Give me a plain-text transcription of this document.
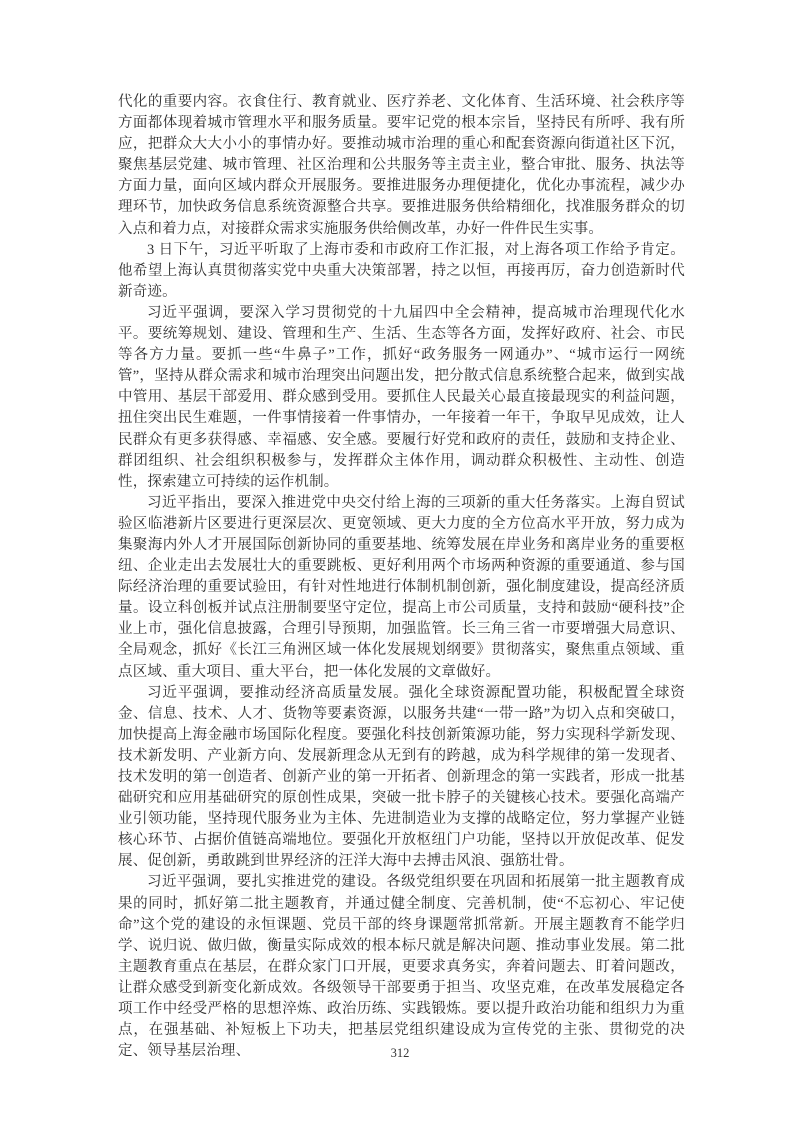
代化的重要内容。衣食住行、教育就业、医疗养老、文化体育、生活环境、社会秩序等方面都体现着城市管理水平和服务质量。要牢记党的根本宗旨，坚持民有所呼、我有所应，把群众大大小小的事情办好。要推动城市治理的重心和配套资源向街道社区下沉，聚焦基层党建、城市管理、社区治理和公共服务等主责主业，整合审批、服务、执法等方面力量，面向区域内群众开展服务。要推进服务办理便捷化，优化办事流程，减少办理环节，加快政务信息系统资源整合共享。要推进服务供给精细化，找准服务群众的切入点和着力点，对接群众需求实施服务供给侧改革，办好一件件民生实事。

3 日下午，习近平听取了上海市委和市政府工作汇报，对上海各项工作给予肯定。他希望上海认真贯彻落实党中央重大决策部署，持之以恒，再接再厉，奋力创造新时代新奇迹。

习近平强调，要深入学习贯彻党的十九届四中全会精神，提高城市治理现代化水平。要统筹规划、建设、管理和生产、生活、生态等各方面，发挥好政府、社会、市民等各方力量。要抓一些“牛鼻子”工作，抓好“政务服务一网通办”、“城市运行一网统管”，坚持从群众需求和城市治理突出问题出发，把分散式信息系统整合起来，做到实战中管用、基层干部爱用、群众感到受用。要抓住人民最关心最直接最现实的利益问题，扭住突出民生难题，一件事情接着一件事情办，一年接着一年干，争取早见成效，让人民群众有更多获得感、幸福感、安全感。要履行好党和政府的责任，鼓励和支持企业、群团组织、社会组织积极参与，发挥群众主体作用，调动群众积极性、主动性、创造性，探索建立可持续的运作机制。

习近平指出，要深入推进党中央交付给上海的三项新的重大任务落实。上海自贸试验区临港新片区要进行更深层次、更宽领域、更大力度的全方位高水平开放，努力成为集聚海内外人才开展国际创新协同的重要基地、统筹发展在岸业务和离岸业务的重要枢纽、企业走出去发展壮大的重要跳板、更好利用两个市场两种资源的重要通道、参与国际经济治理的重要试验田，有针对性地进行体制机制创新，强化制度建设，提高经济质量。设立科创板并试点注册制要坚守定位，提高上市公司质量，支持和鼓励“硬科技”企业上市，强化信息披露，合理引导预期，加强监管。长三角三省一市要增强大局意识、全局观念，抓好《长江三角洲区域一体化发展规划纲要》贯彻落实，聚焦重点领域、重点区域、重大项目、重大平台，把一体化发展的文章做好。

习近平强调，要推动经济高质量发展。强化全球资源配置功能，积极配置全球资金、信息、技术、人才、货物等要素资源，以服务共建“一带一路”为切入点和突破口，加快提高上海金融市场国际化程度。要强化科技创新策源功能，努力实现科学新发现、技术新发明、产业新方向、发展新理念从无到有的跨越，成为科学规律的第一发现者、技术发明的第一创造者、创新产业的第一开拓者、创新理念的第一实践者，形成一批基础研究和应用基础研究的原创性成果，突破一批卡脖子的关键核心技术。要强化高端产业引领功能，坚持现代服务业为主体、先进制造业为支撑的战略定位，努力掌握产业链核心环节、占据价值链高端地位。要强化开放枢纽门户功能，坚持以开放促改革、促发展、促创新，勇敢跳到世界经济的汪洋大海中去搏击风浪、强筋壮骨。

习近平强调，要扎实推进党的建设。各级党组织要在巩固和拓展第一批主题教育成果的同时，抓好第二批主题教育，并通过健全制度、完善机制，使“不忘初心、牢记使命”这个党的建设的永恒课题、党员干部的终身课题常抓常新。开展主题教育不能学归学、说归说、做归做，衡量实际成效的根本标尺就是解决问题、推动事业发展。第二批主题教育重点在基层，在群众家门口开展，更要求真务实，奔着问题去、盯着问题改，让群众感受到新变化新成效。各级领导干部要勇于担当、攻坚克难，在改革发展稳定各项工作中经受严格的思想淬炼、政治历练、实践锻炼。要以提升政治功能和组织力为重点，在强基础、补短板上下功夫，把基层党组织建设成为宣传党的主张、贯彻党的决定、领导基层治理、	312
